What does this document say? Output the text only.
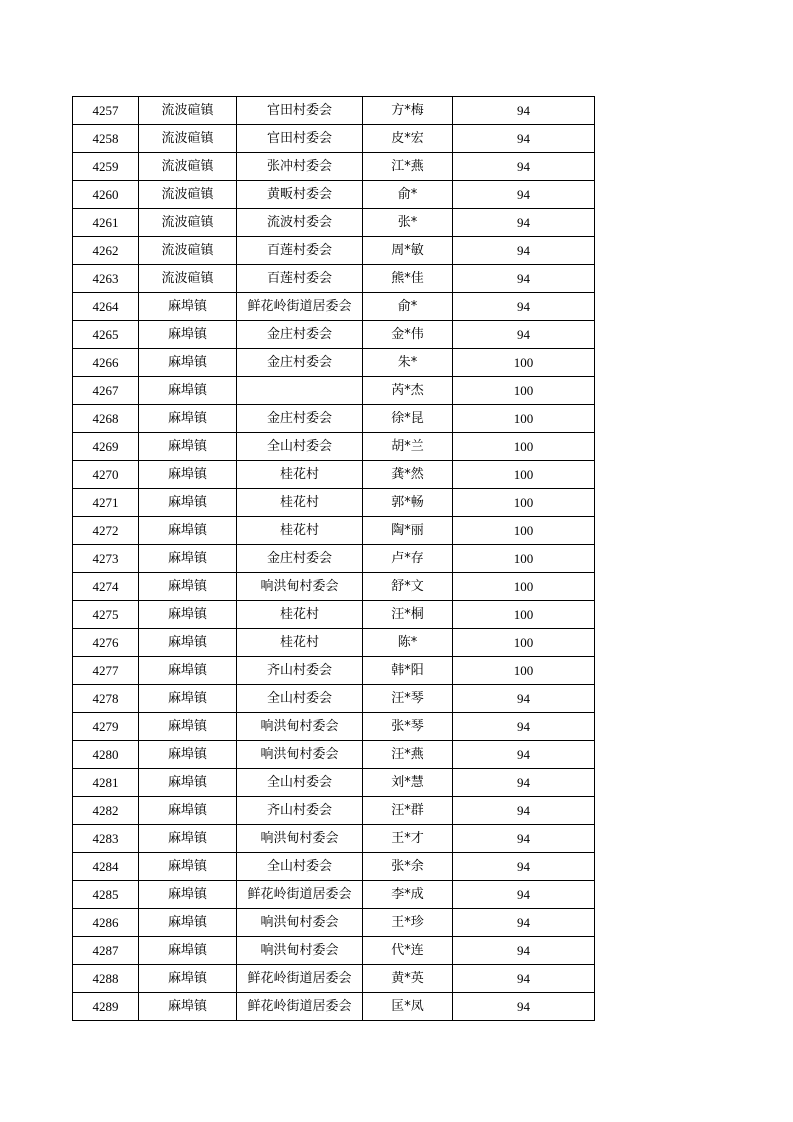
4257	流波碹镇	官田村委会	方*梅	94
4258	流波碹镇	官田村委会	皮*宏	94
4259	流波碹镇	张冲村委会	江*燕	94
4260	流波碹镇	黄畈村委会	俞*	94
4261	流波碹镇	流波村委会	张*	94
4262	流波碹镇	百莲村委会	周*敏	94
4263	流波碹镇	百莲村委会	熊*佳	94
4264	麻埠镇	鲜花岭街道居委会	俞*	94
4265	麻埠镇	金庄村委会	金*伟	94
4266	麻埠镇	金庄村委会	朱*	100
4267	麻埠镇		芮*杰	100
4268	麻埠镇	金庄村委会	徐*昆	100
4269	麻埠镇	全山村委会	胡*兰	100
4270	麻埠镇	桂花村	龚*然	100
4271	麻埠镇	桂花村	郭*畅	100
4272	麻埠镇	桂花村	陶*丽	100
4273	麻埠镇	金庄村委会	卢*存	100
4274	麻埠镇	响洪甸村委会	舒*文	100
4275	麻埠镇	桂花村	汪*桐	100
4276	麻埠镇	桂花村	陈*	100
4277	麻埠镇	齐山村委会	韩*阳	100
4278	麻埠镇	全山村委会	汪*琴	94
4279	麻埠镇	响洪甸村委会	张*琴	94
4280	麻埠镇	响洪甸村委会	汪*燕	94
4281	麻埠镇	全山村委会	刘*慧	94
4282	麻埠镇	齐山村委会	汪*群	94
4283	麻埠镇	响洪甸村委会	王*才	94
4284	麻埠镇	全山村委会	张*余	94
4285	麻埠镇	鲜花岭街道居委会	李*成	94
4286	麻埠镇	响洪甸村委会	王*珍	94
4287	麻埠镇	响洪甸村委会	代*连	94
4288	麻埠镇	鲜花岭街道居委会	黄*英	94
4289	麻埠镇	鲜花岭街道居委会	匡*凤	94
